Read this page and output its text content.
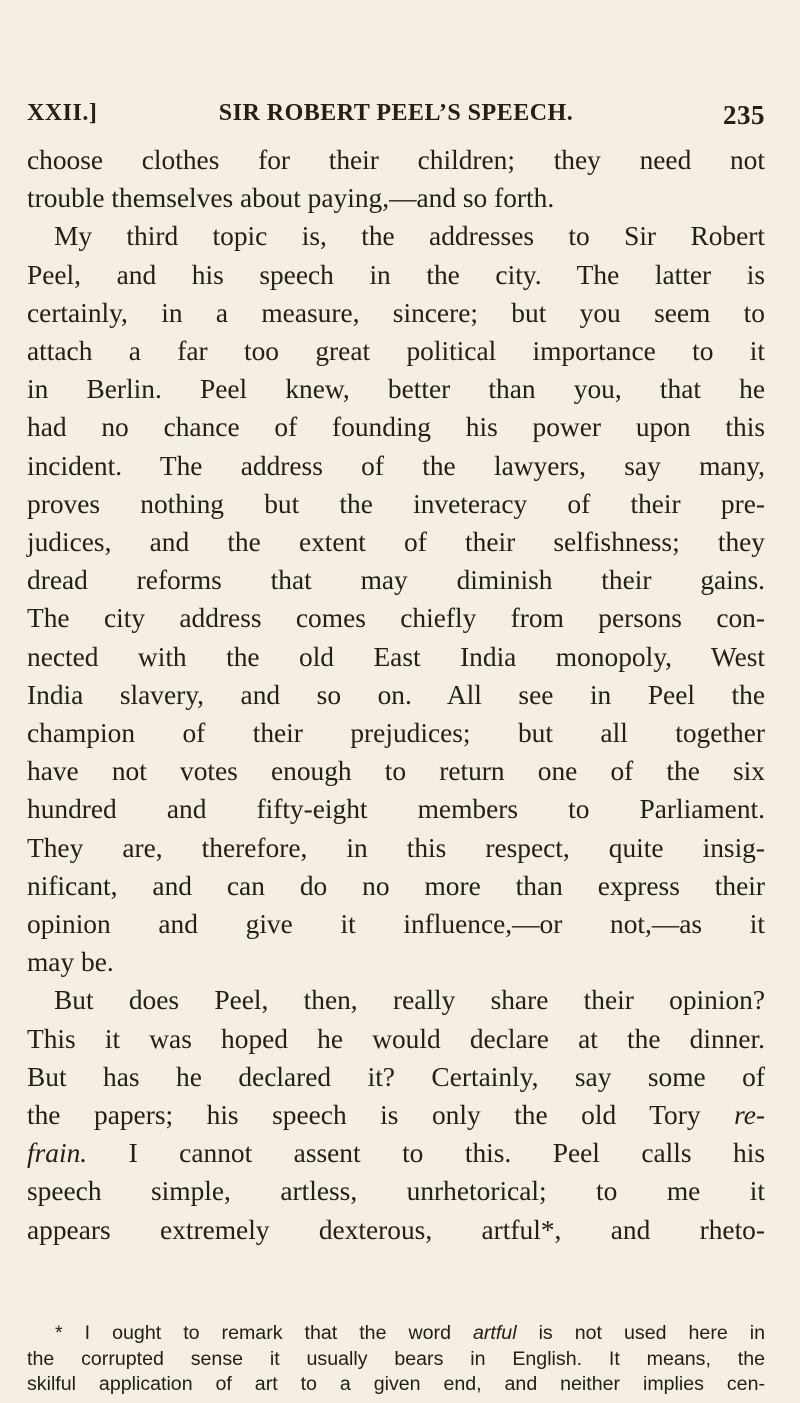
XXII.]	SIR ROBERT PEEL’S SPEECH.	235
choose clothes for their children; they need not
trouble themselves about paying,—and so forth.
My third topic is, the addresses to Sir Robert
Peel, and his speech in the city. The latter is
certainly, in a measure, sincere; but you seem to
attach a far too great political importance to it
in Berlin. Peel knew, better than you, that he
had no chance of founding his power upon this
incident. The address of the lawyers, say many,
proves nothing but the inveteracy of their pre-
judices, and the extent of their selfishness; they
dread reforms that may diminish their gains.
The city address comes chiefly from persons con-
nected with the old East India monopoly, West
India slavery, and so on. All see in Peel the
champion of their prejudices; but all together
have not votes enough to return one of the six
hundred and fifty-eight members to Parliament.
They are, therefore, in this respect, quite insig-
nificant, and can do no more than express their
opinion and give it influence,—or not,—as it
may be.
But does Peel, then, really share their opinion?
This it was hoped he would declare at the dinner.
But has he declared it? Certainly, say some of
the papers; his speech is only the old Tory re-
frain. I cannot assent to this. Peel calls his
speech simple, artless, unrhetorical; to me it
appears extremely dexterous, artful*, and rheto-
* I ought to remark that the word artful is not used here in
the corrupted sense it usually bears in English. It means, the
skilful application of art to a given end, and neither implies cen-
